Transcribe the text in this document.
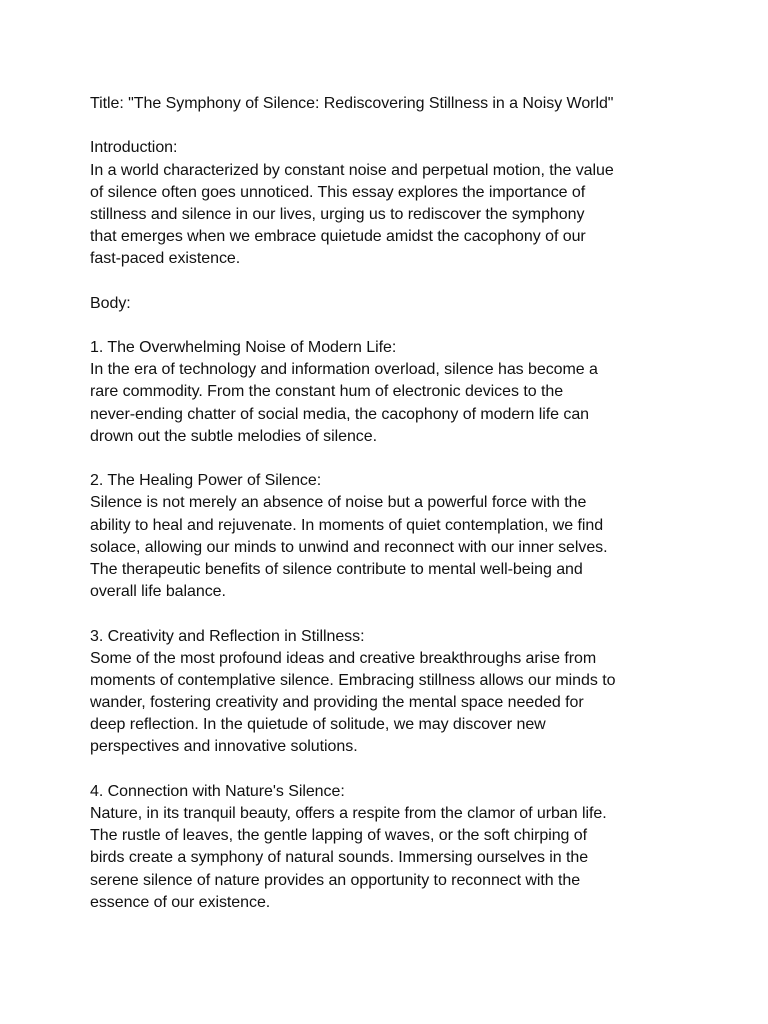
Title: "The Symphony of Silence: Rediscovering Stillness in a Noisy World"
Introduction:
In a world characterized by constant noise and perpetual motion, the value
of silence often goes unnoticed. This essay explores the importance of
stillness and silence in our lives, urging us to rediscover the symphony
that emerges when we embrace quietude amidst the cacophony of our
fast-paced existence.
Body:
1. The Overwhelming Noise of Modern Life:
In the era of technology and information overload, silence has become a
rare commodity. From the constant hum of electronic devices to the
never-ending chatter of social media, the cacophony of modern life can
drown out the subtle melodies of silence.
2. The Healing Power of Silence:
Silence is not merely an absence of noise but a powerful force with the
ability to heal and rejuvenate. In moments of quiet contemplation, we find
solace, allowing our minds to unwind and reconnect with our inner selves.
The therapeutic benefits of silence contribute to mental well-being and
overall life balance.
3. Creativity and Reflection in Stillness:
Some of the most profound ideas and creative breakthroughs arise from
moments of contemplative silence. Embracing stillness allows our minds to
wander, fostering creativity and providing the mental space needed for
deep reflection. In the quietude of solitude, we may discover new
perspectives and innovative solutions.
4. Connection with Nature's Silence:
Nature, in its tranquil beauty, offers a respite from the clamor of urban life.
The rustle of leaves, the gentle lapping of waves, or the soft chirping of
birds create a symphony of natural sounds. Immersing ourselves in the
serene silence of nature provides an opportunity to reconnect with the
essence of our existence.
